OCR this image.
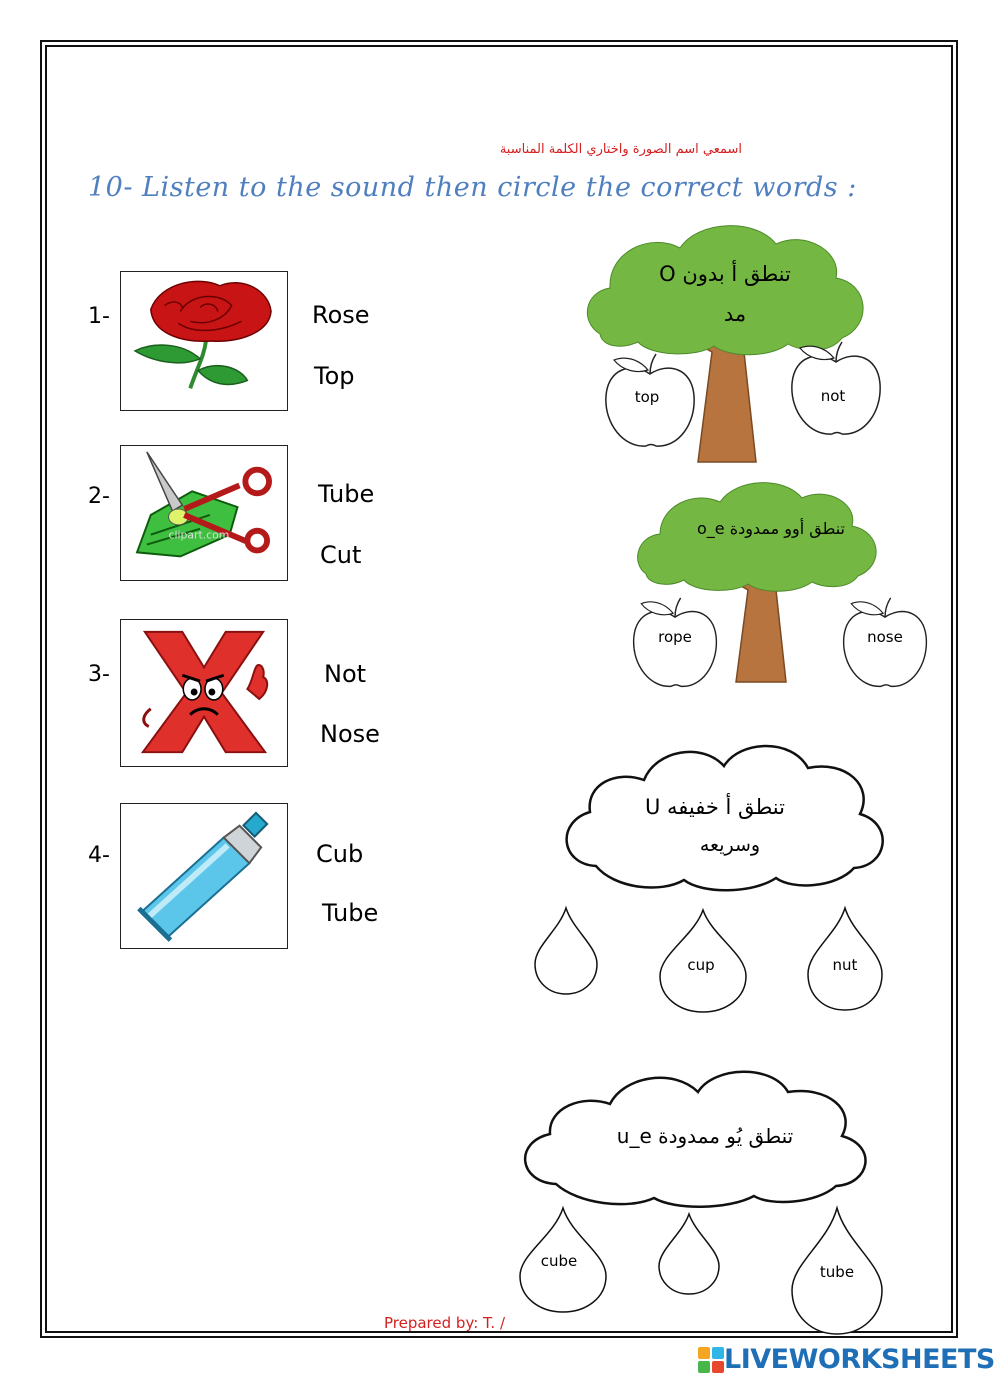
اسمعي اسم الصورة واختاري الكلمة المناسبة
10- Listen to the sound then circle the correct words :
1-	Rose
Top
2-
clipart.com
Tube
Cut
3-	Not
Nose
4-	Cub
Tube
O تنطق أ بدون
مد
top	not
o_e تنطق أوو ممدودة
rope	nose
U تنطق أ خفيفه
وسريعه
cup	nut
u_e تنطق يُو ممدودة
cube
tube
Prepared by: T. /
LIVEWORKSHEETS
